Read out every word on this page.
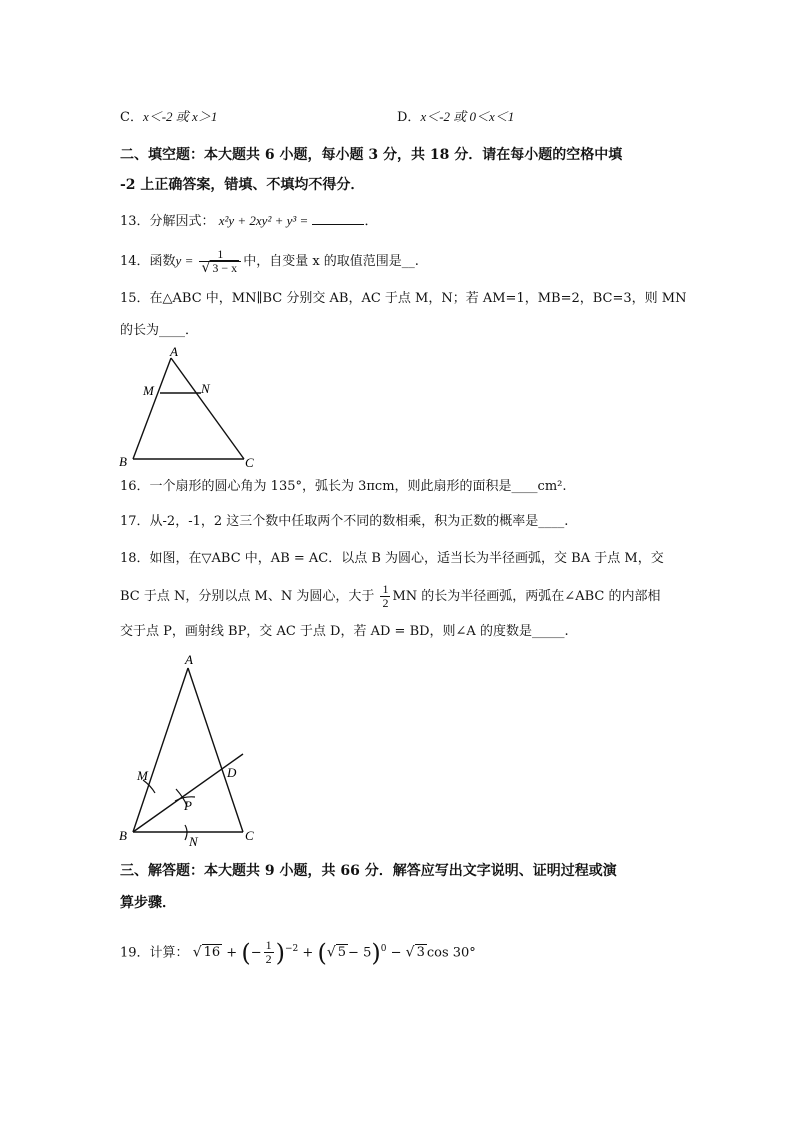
C．x＜-2 或 x＞1	D．x＜-2 或 0＜x＜1
二、填空题：本大题共 6 小题，每小题 3 分，共 18 分．请在每小题的空格中填
-2 上正确答案，错填、不填均不得分．
13．分解因式： x²y + 2xy² + y³ =	．
14．函数$y = \frac{1}{√ 3 - x}$ 中，自变量 x 的取值范围是__.
15．在△ABC 中，MN∥BC 分别交 AB，AC 于点 M，N；若 AM=1，MB=2，BC=3，则 MN
的长为____．
A
M	N
B	C
16．一个扇形的圆心角为 135°，弧长为 3πcm，则此扇形的面积是____cm².
17．从-2，-1，2 这三个数中任取两个不同的数相乘，积为正数的概率是____.
18．如图，在▽ABC 中，AB = AC．以点 B 为圆心，适当长为半径画弧，交 BA 于点 M，交
BC 于点 N，分别以点 M、N 为圆心，大于 $\frac{1}{2}$ MN 的长为半径画弧，两弧在∠ABC 的内部相
交于点 P，画射线 BP，交 AC 于点 D，若 AD = BD，则∠A 的度数是_____.
A
M	D
P
B	N	C
三、解答题：本大题共 9 小题，共 66 分．解答应写出文字说明、证明过程或演
算步骤．
19．计算： √ 16 + (− $\frac{1}{2} )^{-2}$ + (√ 5 − 5)$^0$ − √ 3 cos 30°
